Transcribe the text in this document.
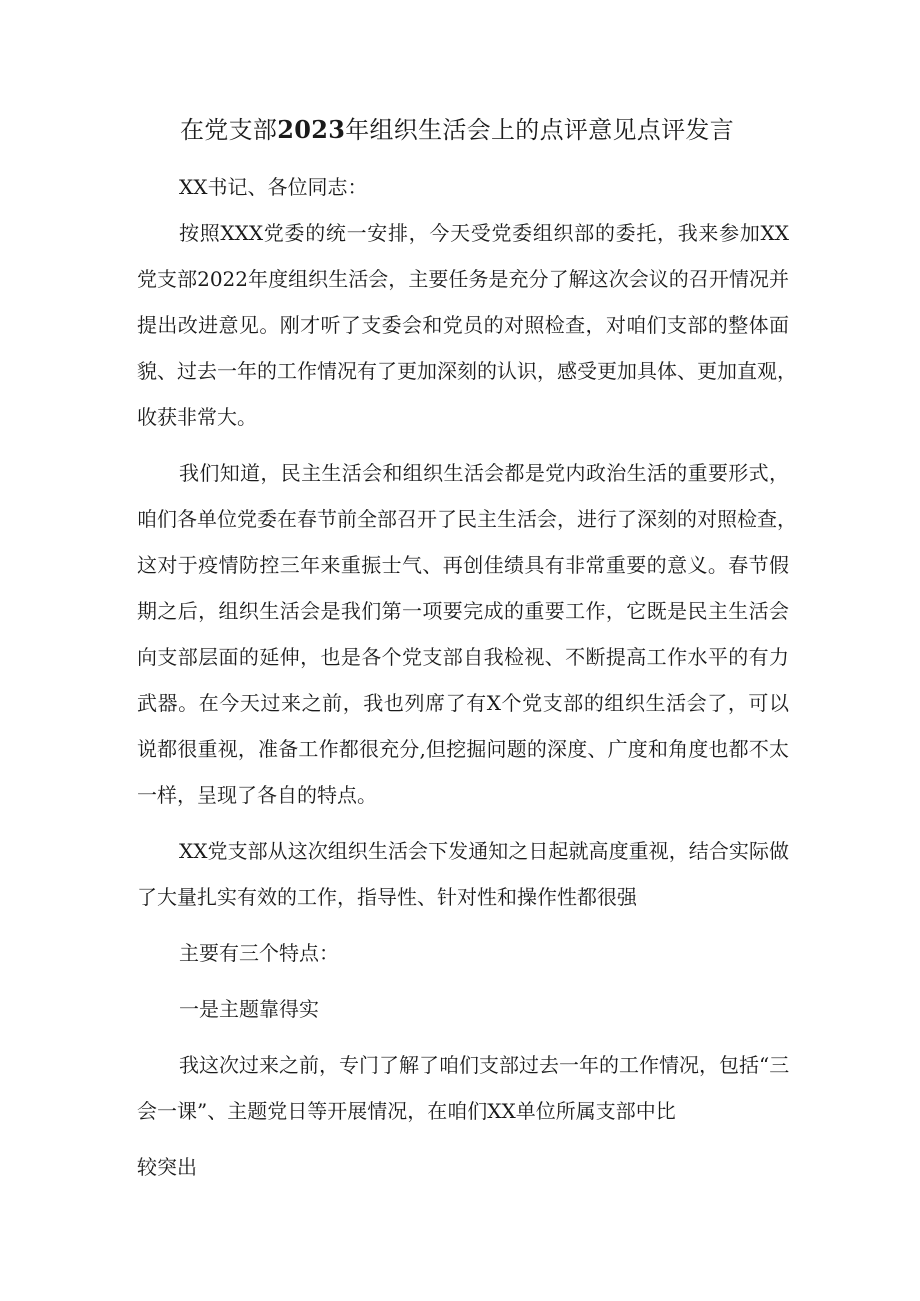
在党支部2023年组织生活会上的点评意见点评发言
XX书记、各位同志：
按照XXX党委的统一安排，今天受党委组织部的委托，我来参加XX
党支部2022年度组织生活会，主要任务是充分了解这次会议的召开情况并
提出改进意见。刚才听了支委会和党员的对照检查，对咱们支部的整体面
貌、过去一年的工作情况有了更加深刻的认识，感受更加具体、更加直观，
收获非常大。
我们知道，民主生活会和组织生活会都是党内政治生活的重要形式，
咱们各单位党委在春节前全部召开了民主生活会，进行了深刻的对照检查，
这对于疫情防控三年来重振士气、再创佳绩具有非常重要的意义。春节假
期之后，组织生活会是我们第一项要完成的重要工作，它既是民主生活会
向支部层面的延伸，也是各个党支部自我检视、不断提高工作水平的有力
武器。在今天过来之前，我也列席了有X个党支部的组织生活会了，可以
说都很重视，准备工作都很充分,但挖掘问题的深度、广度和角度也都不太
一样，呈现了各自的特点。
XX党支部从这次组织生活会下发通知之日起就高度重视，结合实际做
了大量扎实有效的工作，指导性、针对性和操作性都很强
主要有三个特点：
一是主题靠得实
我这次过来之前，专门了解了咱们支部过去一年的工作情况，包括“三
会一课”、主题党日等开展情况，在咱们XX单位所属支部中比
较突出
